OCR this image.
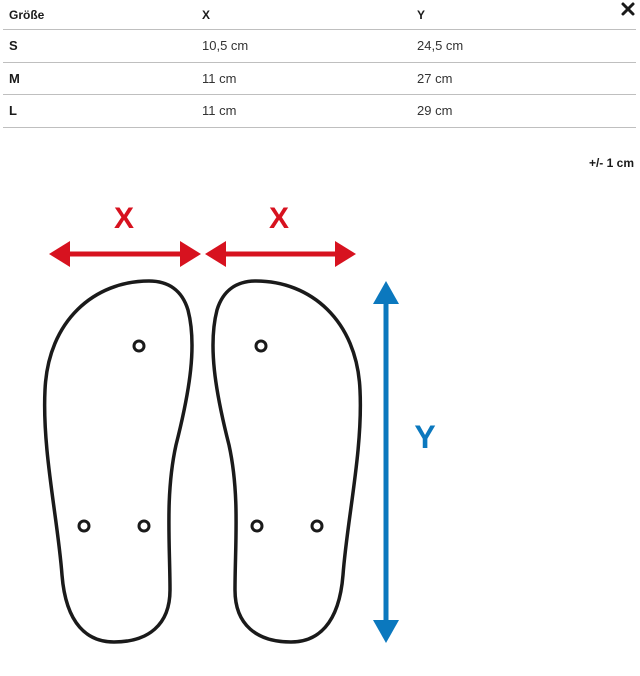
Größe	X	Y
S	10,5 cm	24,5 cm
M	11 cm	27 cm
L	11 cm	29 cm
+/- 1 cm
X	X
Y
